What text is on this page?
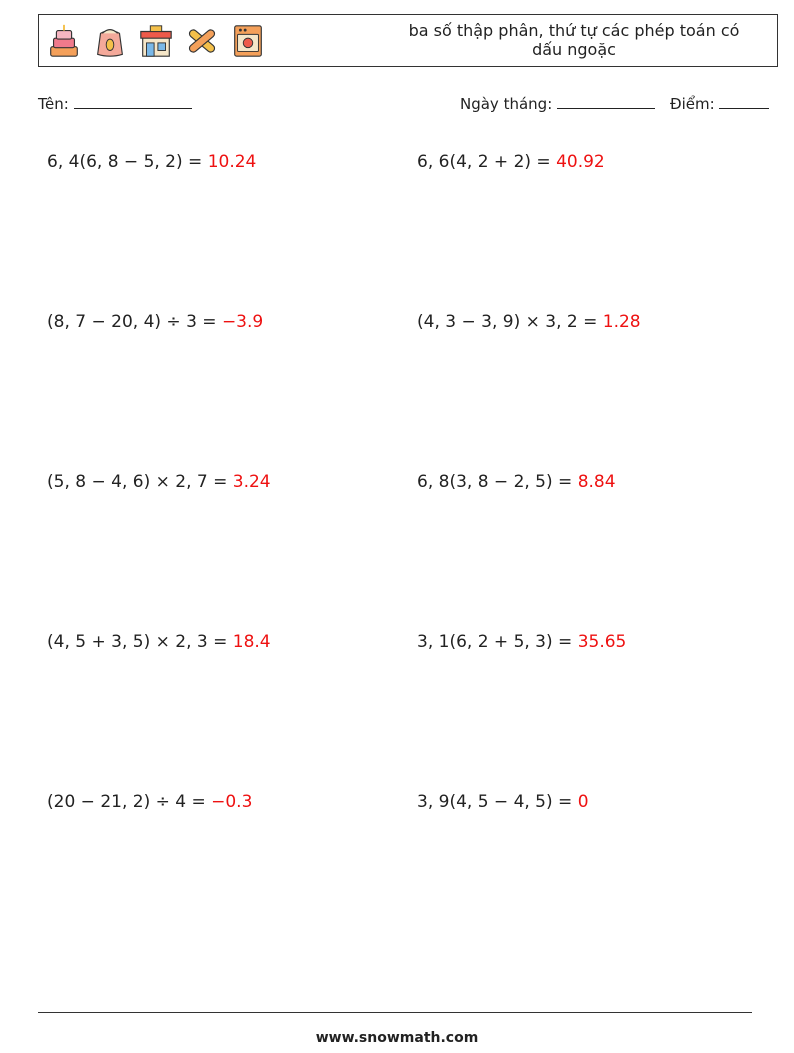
ba số thập phân, thứ tự các phép toán có
dấu ngoặc
Tên:	Ngày tháng:	Điểm:
6, 4(6, 8 − 5, 2) = 10.24	6, 6(4, 2 + 2) = 40.92
(8, 7 − 20, 4) ÷ 3 = −3.9	(4, 3 − 3, 9) × 3, 2 = 1.28
(5, 8 − 4, 6) × 2, 7 = 3.24	6, 8(3, 8 − 2, 5) = 8.84
(4, 5 + 3, 5) × 2, 3 = 18.4	3, 1(6, 2 + 5, 3) = 35.65
(20 − 21, 2) ÷ 4 = −0.3	3, 9(4, 5 − 4, 5) = 0
www.snowmath.com
